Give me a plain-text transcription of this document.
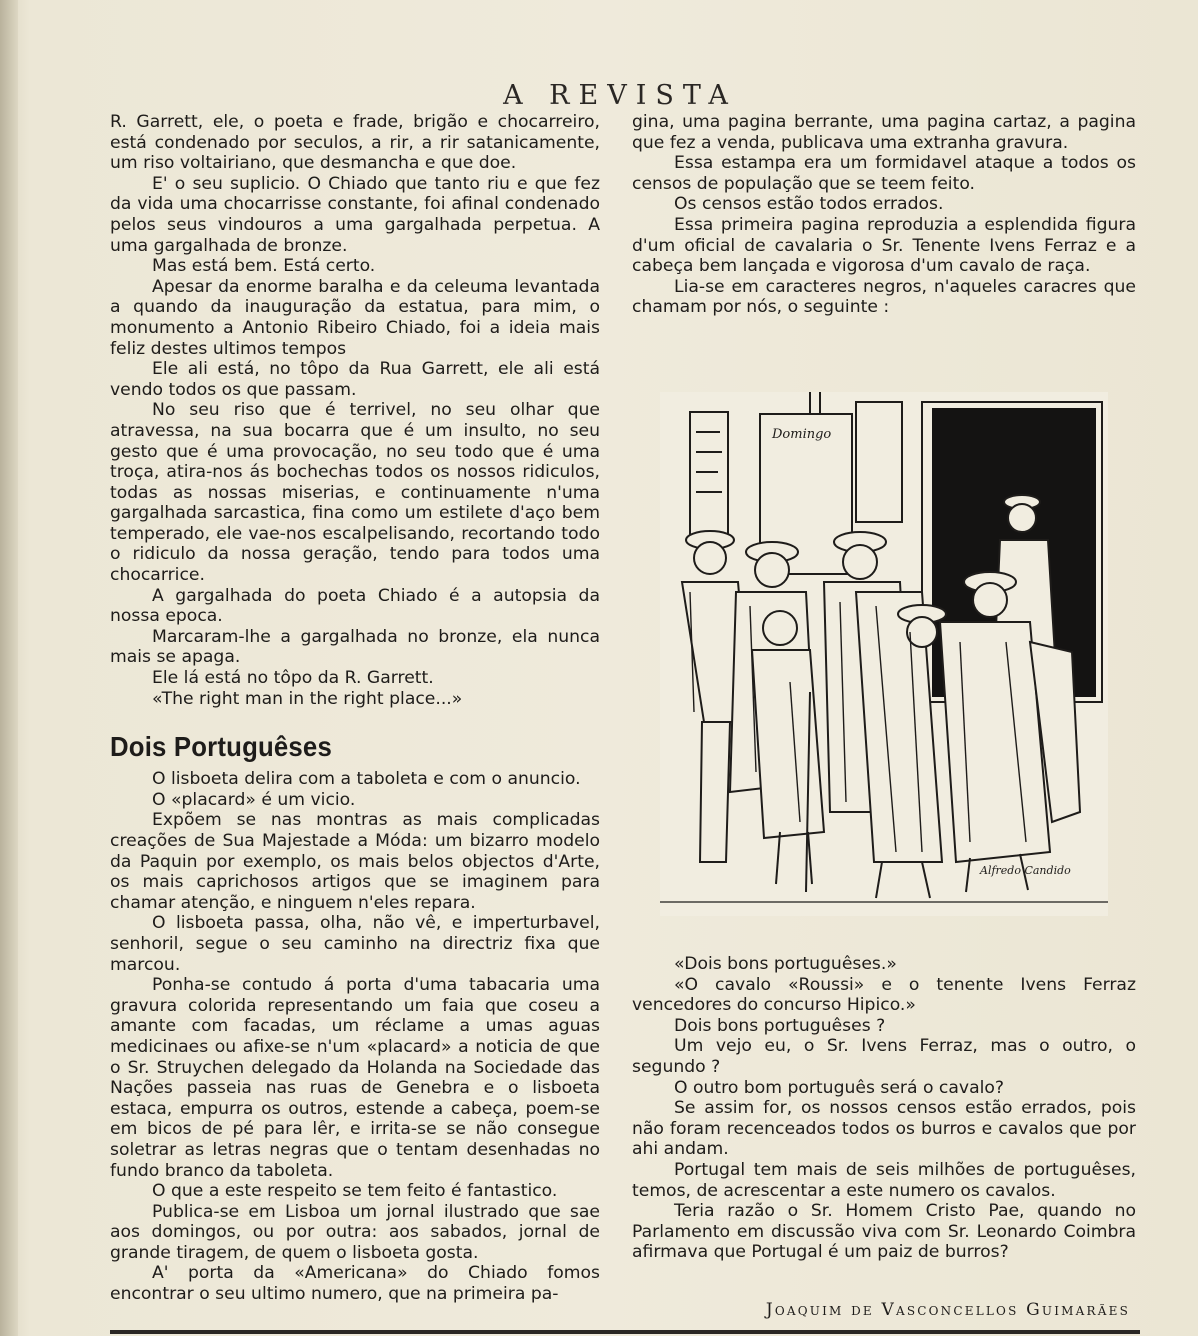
A REVISTA

R. Garrett, ele, o poeta e frade, brigão e chocarreiro, está condenado por seculos, a rir, a rir satanicamente, um riso voltairiano, que desmancha e que doe.

E' o seu suplicio. O Chiado que tanto riu e que fez da vida uma chocarrisse constante, foi afinal condenado pelos seus vindouros a uma gargalhada perpetua. A uma gargalhada de bronze.

Mas está bem. Está certo.

Apesar da enorme baralha e da celeuma levantada a quando da inauguração da estatua, para mim, o monumento a Antonio Ribeiro Chiado, foi a ideia mais feliz destes ultimos tempos

Ele ali está, no tôpo da Rua Garrett, ele ali está vendo todos os que passam.

No seu riso que é terrivel, no seu olhar que atravessa, na sua bocarra que é um insulto, no seu gesto que é uma provocação, no seu todo que é uma troça, atira-nos ás bochechas todos os nossos ridiculos, todas as nossas miserias, e continuamente n'uma gargalhada sarcastica, fina como um estilete d'aço bem temperado, ele vae-nos escalpelisando, recortando todo o ridiculo da nossa geração, tendo para todos uma chocarrice.

A gargalhada do poeta Chiado é a autopsia da nossa epoca.

Marcaram-lhe a gargalhada no bronze, ela nunca mais se apaga.

Ele lá está no tôpo da R. Garrett.

«The right man in the right place...»

Dois Portuguêses

O lisboeta delira com a taboleta e com o anuncio.

O «placard» é um vicio.

Expõem se nas montras as mais complicadas creações de Sua Majestade a Móda: um bizarro modelo da Paquin por exemplo, os mais belos objectos d'Arte, os mais caprichosos artigos que se imaginem para chamar atenção, e ninguem n'eles repara.

O lisboeta passa, olha, não vê, e imperturbavel, senhoril, segue o seu caminho na directriz fixa que marcou.

Ponha-se contudo á porta d'uma tabacaria uma gravura colorida representando um faia que coseu a amante com facadas, um réclame a umas aguas medicinaes ou afixe-se n'um «placard» a noticia de que o Sr. Struychen delegado da Holanda na Sociedade das Nações passeia nas ruas de Genebra e o lisboeta estaca, empurra os outros, estende a cabeça, poem-se em bicos de pé para lêr, e irrita-se se não consegue soletrar as letras negras que o tentam desenhadas no fundo branco da taboleta.

O que a este respeito se tem feito é fantastico.

Publica-se em Lisboa um jornal ilustrado que sae aos domingos, ou por outra: aos sabados, jornal de grande tiragem, de quem o lisboeta gosta.

A' porta da «Americana» do Chiado fomos encontrar o seu ultimo numero, que na primeira pa-

gina, uma pagina berrante, uma pagina cartaz, a pagina que fez a venda, publicava uma extranha gravura.

Essa estampa era um formidavel ataque a todos os censos de população que se teem feito.

Os censos estão todos errados.

Essa primeira pagina reproduzia a esplendida figura d'um oficial de cavalaria o Sr. Tenente Ivens Ferraz e a cabeça bem lançada e vigorosa d'um cavalo de raça.

Lia-se em caracteres negros, n'aqueles caracres que chamam por nós, o seguinte :

Domingo
Alfredo Candido

«Dois bons portuguêses.»

«O cavalo «Roussi» e o tenente Ivens Ferraz vencedores do concurso Hipico.»

Dois bons portuguêses ?

Um vejo eu, o Sr. Ivens Ferraz, mas o outro, o segundo ?

O outro bom português será o cavalo?

Se assim for, os nossos censos estão errados, pois não foram recenceados todos os burros e cavalos que por ahi andam.

Portugal tem mais de seis milhões de portuguêses, temos, de acrescentar a este numero os cavalos.

Teria razão o Sr. Homem Cristo Pae, quando no Parlamento em discussão viva com Sr. Leonardo Coimbra afirmava que Portugal é um paiz de burros?

Joaquim de Vasconcellos Guimarães
